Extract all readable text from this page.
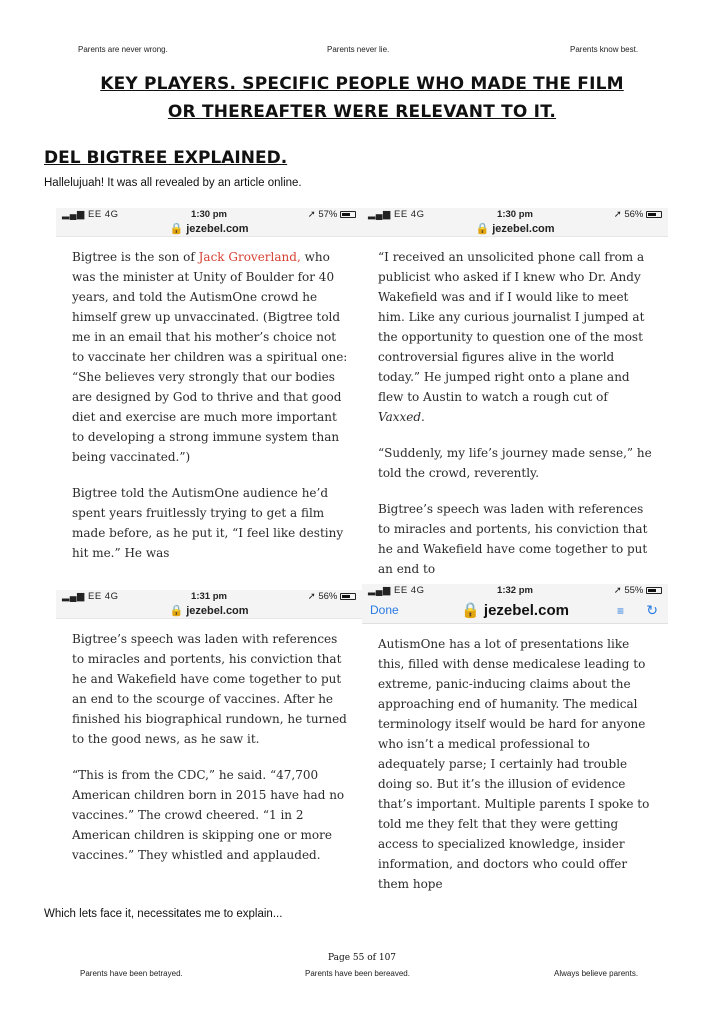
Parents are never wrong.	Parents never lie.	Parents know best.
KEY PLAYERS. SPECIFIC PEOPLE WHO MADE THE FILM
OR THEREAFTER WERE RELEVANT TO IT.
DEL BIGTREE EXPLAINED.
Hallelujuah! It was all revealed by an article online.
▂▄▆ EE 4G	1:30 pm	➚ 57%
🔒 jezebel.com

Bigtree is the son of Jack Groverland, who was the minister at Unity of Boulder for 40 years, and told the AutismOne crowd he himself grew up unvaccinated. (Bigtree told me in an email that his mother’s choice not to vaccinate her children was a spiritual one: “She believes very strongly that our bodies are designed by God to thrive and that good diet and exercise are much more important to developing a strong immune system than being vaccinated.”)

Bigtree told the AutismOne audience he’d spent years fruitlessly trying to get a film made before, as he put it, “I feel like destiny hit me.” He was

▂▄▆ EE 4G	1:30 pm	➚ 56%
🔒 jezebel.com

“I received an unsolicited phone call from a publicist who asked if I knew who Dr. Andy Wakefield was and if I would like to meet him. Like any curious journalist I jumped at the opportunity to question one of the most controversial figures alive in the world today.” He jumped right onto a plane and flew to Austin to watch a rough cut of Vaxxed.

“Suddenly, my life’s journey made sense,” he told the crowd, reverently.

Bigtree’s speech was laden with references to miracles and portents, his conviction that he and Wakefield have come together to put an end to

▂▄▆ EE 4G	1:31 pm	➚ 56%
🔒 jezebel.com

Bigtree’s speech was laden with references to miracles and portents, his conviction that he and Wakefield have come together to put an end to the scourge of vaccines. After he finished his biographical rundown, he turned to the good news, as he saw it.

“This is from the CDC,” he said. “47,700 American children born in 2015 have had no vaccines.” The crowd cheered. “1 in 2 American children is skipping one or more vaccines.” They whistled and applauded.

▂▄▆ EE 4G	1:32 pm	➚ 55%
Done	🔒 jezebel.com	≡ ↻

AutismOne has a lot of presentations like this, filled with dense medicalese leading to extreme, panic-inducing claims about the approaching end of humanity. The medical terminology itself would be hard for anyone who isn’t a medical professional to adequately parse; I certainly had trouble doing so. But it’s the illusion of evidence that’s important. Multiple parents I spoke to told me they felt that they were getting access to specialized knowledge, insider information, and doctors who could offer them hope

Which lets face it, necessitates me to explain...
Page 55 of 107
Parents have been betrayed.	Parents have been bereaved.	Always believe parents.
